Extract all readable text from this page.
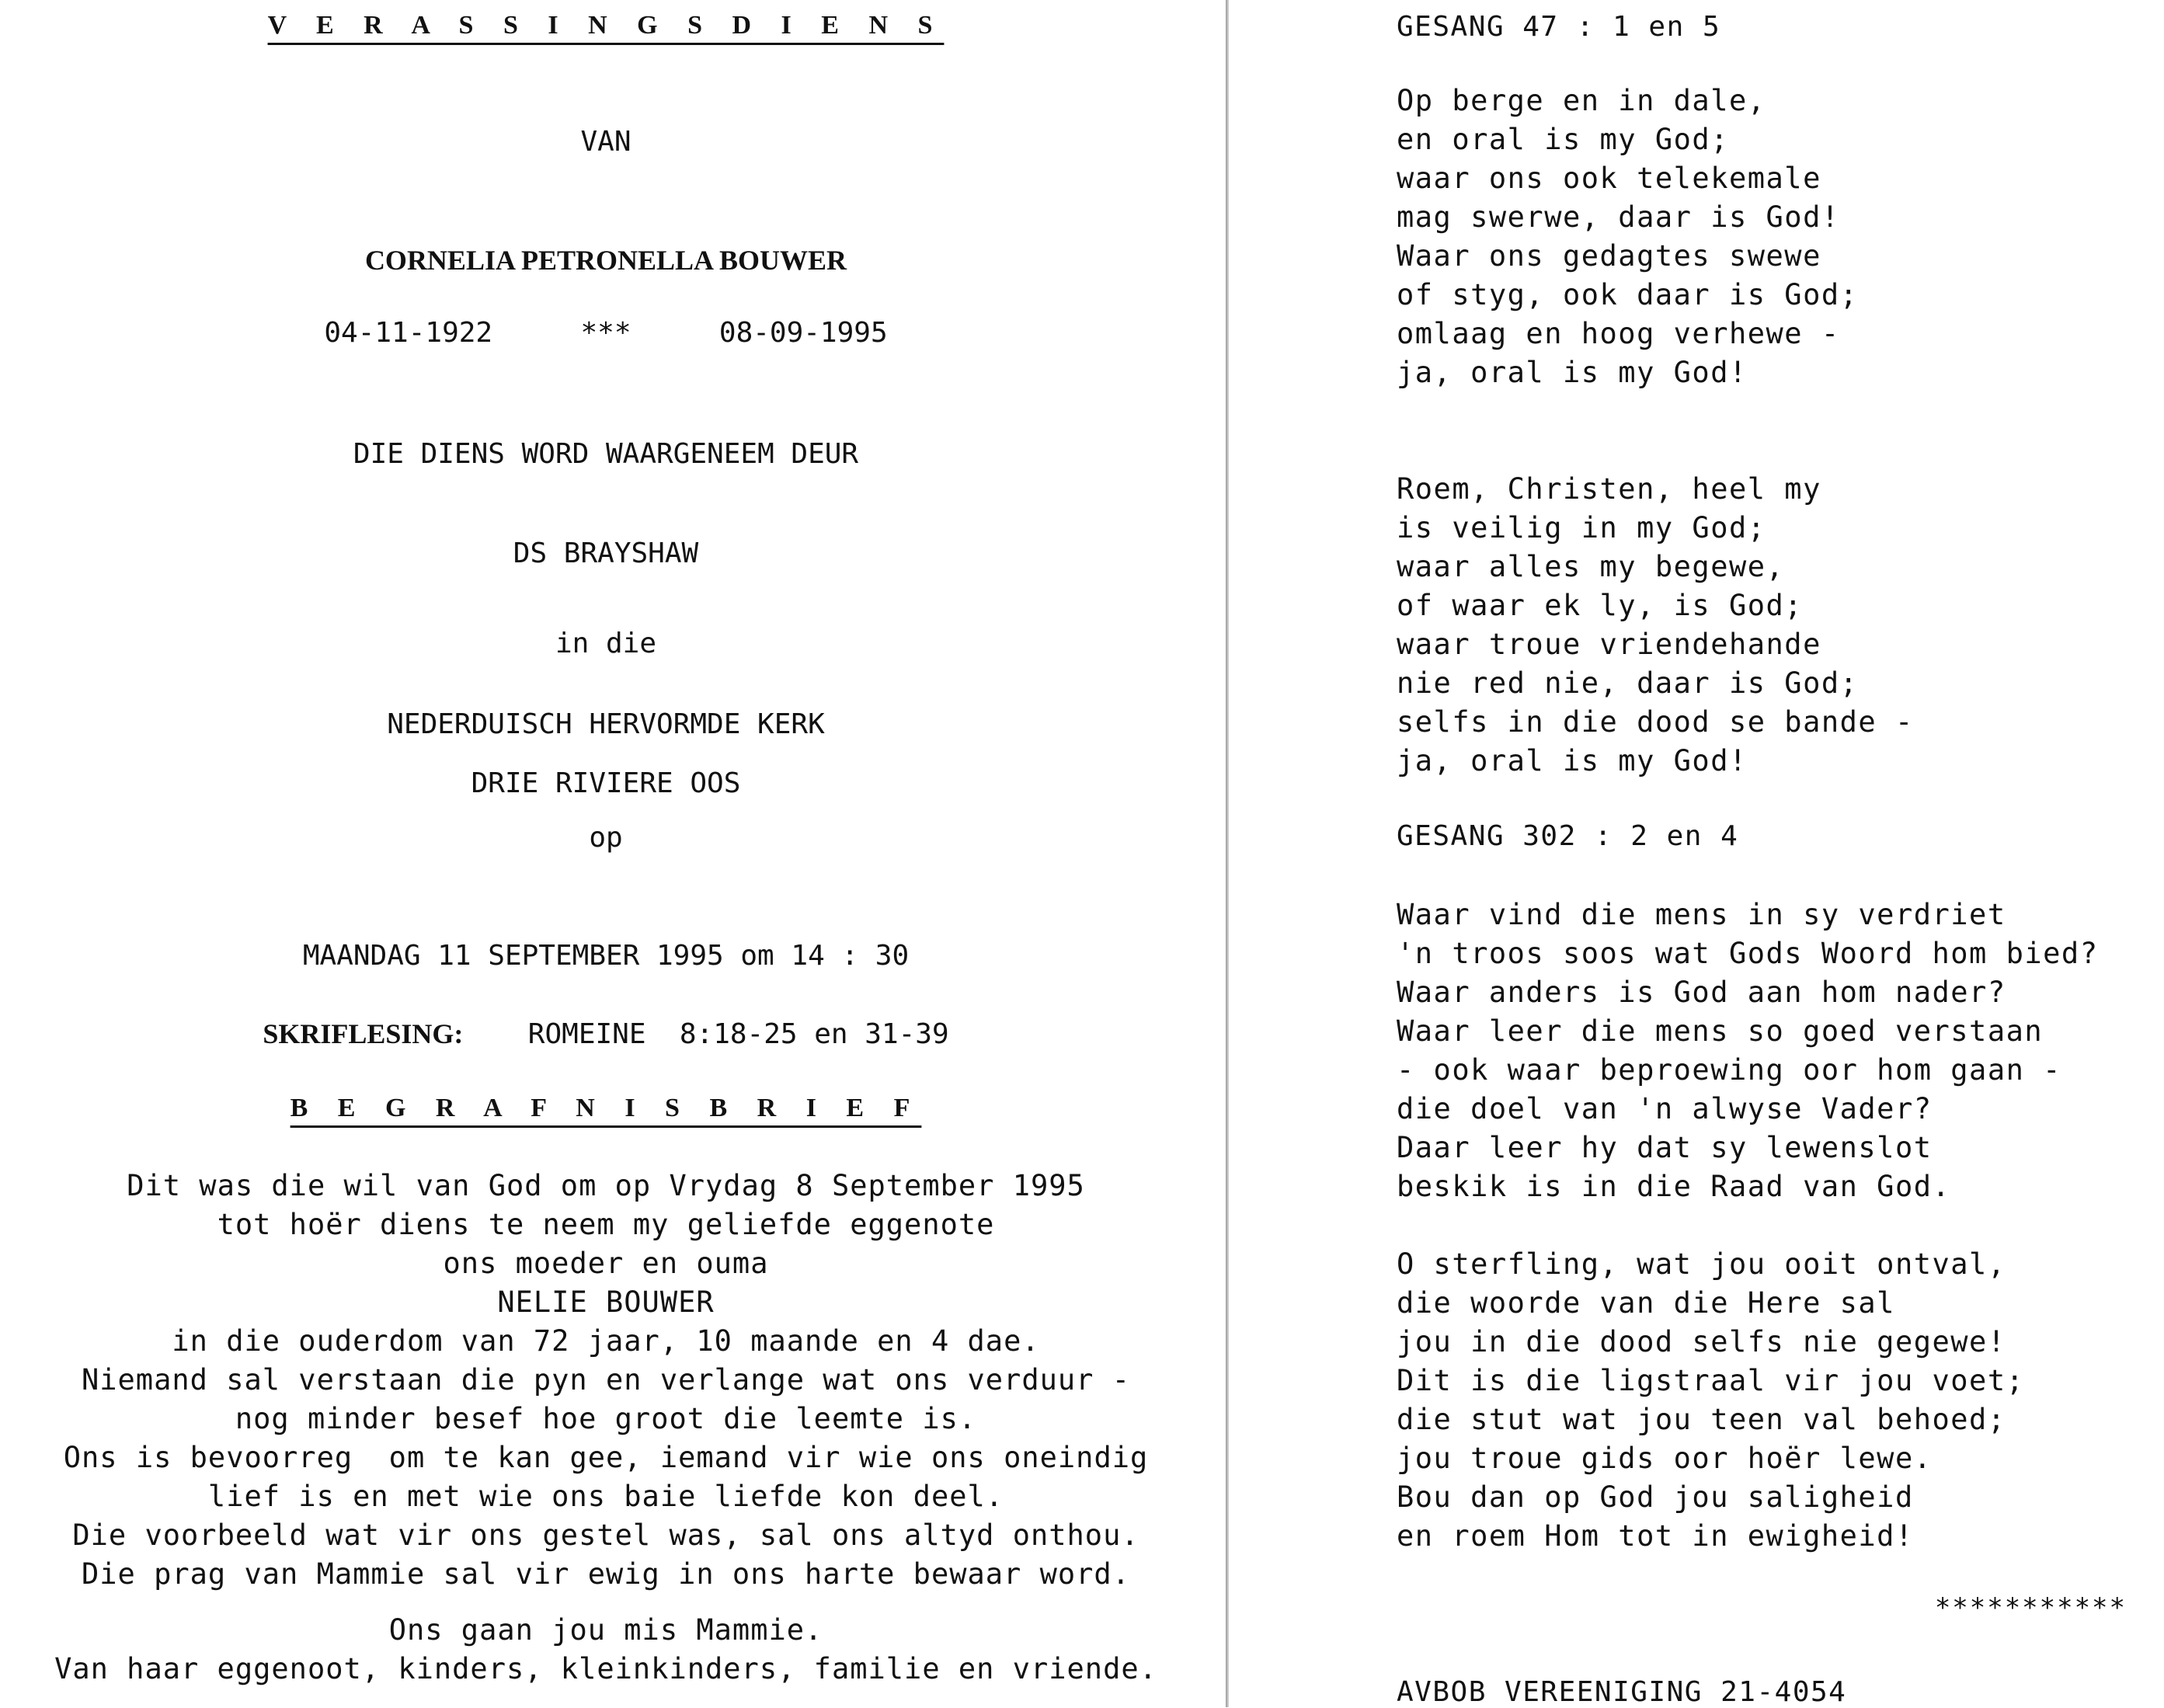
V E R A S S I N G S D I E N S
VAN
CORNELIA PETRONELLA BOUWER
04-11-1922	***	08-09-1995
DIE DIENS WORD WAARGENEEM DEUR
DS BRAYSHAW
in die
NEDERDUISCH HERVORMDE KERK
DRIE RIVIERE OOS
op
MAANDAG 11 SEPTEMBER 1995 om 14 : 30
SKRIFLESING: ROMEINE  8:18-25 en 31-39
B E G R A F N I S B R I E F
Dit was die wil van God om op Vrydag 8 September 1995
tot hoër diens te neem my geliefde eggenote
ons moeder en ouma
NELIE BOUWER
in die ouderdom van 72 jaar, 10 maande en 4 dae.
Niemand sal verstaan die pyn en verlange wat ons verduur -
nog minder besef hoe groot die leemte is.
Ons is bevoorreg  om te kan gee, iemand vir wie ons oneindig
lief is en met wie ons baie liefde kon deel.
Die voorbeeld wat vir ons gestel was, sal ons altyd onthou.
Die prag van Mammie sal vir ewig in ons harte bewaar word.
Ons gaan jou mis Mammie.
Van haar eggenoot, kinders, kleinkinders, familie en vriende.
GESANG 47 : 1 en 5
Op berge en in dale,
en oral is my God;
waar ons ook telekemale
mag swerwe, daar is God!
Waar ons gedagtes swewe
of styg, ook daar is God;
omlaag en hoog verhewe -
ja, oral is my God!
Roem, Christen, heel my
is veilig in my God;
waar alles my begewe,
of waar ek ly, is God;
waar troue vriendehande
nie red nie, daar is God;
selfs in die dood se bande -
ja, oral is my God!
GESANG 302 : 2 en 4
Waar vind die mens in sy verdriet
'n troos soos wat Gods Woord hom bied?
Waar anders is God aan hom nader?
Waar leer die mens so goed verstaan
- ook waar beproewing oor hom gaan -
die doel van 'n alwyse Vader?
Daar leer hy dat sy lewenslot
beskik is in die Raad van God.
O sterfling, wat jou ooit ontval,
die woorde van die Here sal
jou in die dood selfs nie gegewe!
Dit is die ligstraal vir jou voet;
die stut wat jou teen val behoed;
jou troue gids oor hoër lewe.
Bou dan op God jou saligheid
en roem Hom tot in ewigheid!
***********
AVBOB VEREENIGING 21-4054
